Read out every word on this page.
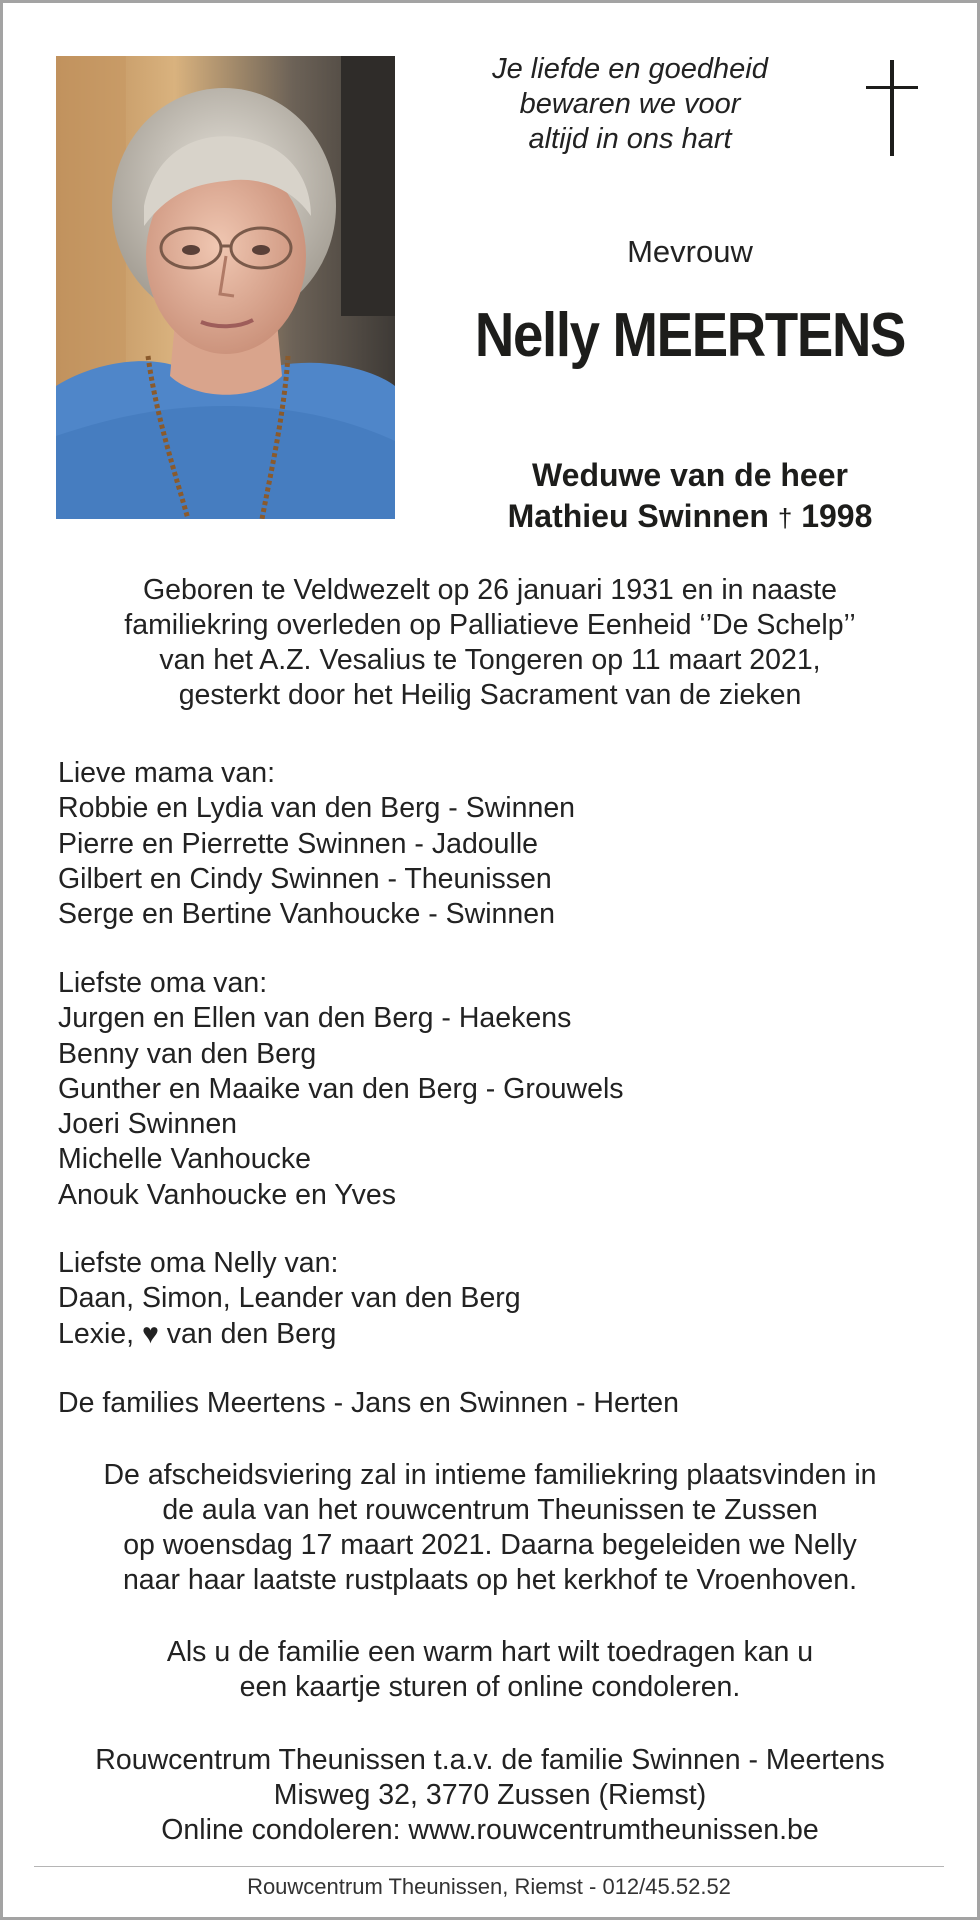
Je liefde en goedheid
bewaren we voor
altijd in ons hart
Mevrouw
Nelly MEERTENS
Weduwe van de heer
Mathieu Swinnen † 1998
Geboren te Veldwezelt op 26 januari 1931 en in naaste
familiekring overleden op Palliatieve Eenheid ‘’De Schelp’’
van het A.Z. Vesalius te Tongeren op 11 maart 2021,
gesterkt door het Heilig Sacrament van de zieken
Lieve mama van:
Robbie en Lydia van den Berg - Swinnen
Pierre en Pierrette Swinnen - Jadoulle
Gilbert en Cindy Swinnen - Theunissen
Serge en Bertine Vanhoucke - Swinnen
Liefste oma van:
Jurgen en Ellen van den Berg - Haekens
Benny van den Berg
Gunther en Maaike van den Berg - Grouwels
Joeri Swinnen
Michelle Vanhoucke
Anouk Vanhoucke en Yves
Liefste oma Nelly van:
Daan, Simon, Leander van den Berg
Lexie, ♥ van den Berg
De families Meertens - Jans en Swinnen - Herten
De afscheidsviering zal in intieme familiekring plaatsvinden in
de aula van het rouwcentrum Theunissen te Zussen
op woensdag 17 maart 2021. Daarna begeleiden we Nelly
naar haar laatste rustplaats op het kerkhof te Vroenhoven.
Als u de familie een warm hart wilt toedragen kan u
een kaartje sturen of online condoleren.
Rouwcentrum Theunissen t.a.v. de familie Swinnen - Meertens
Misweg 32, 3770 Zussen (Riemst)
Online condoleren: www.rouwcentrumtheunissen.be
Rouwcentrum Theunissen, Riemst - 012/45.52.52
